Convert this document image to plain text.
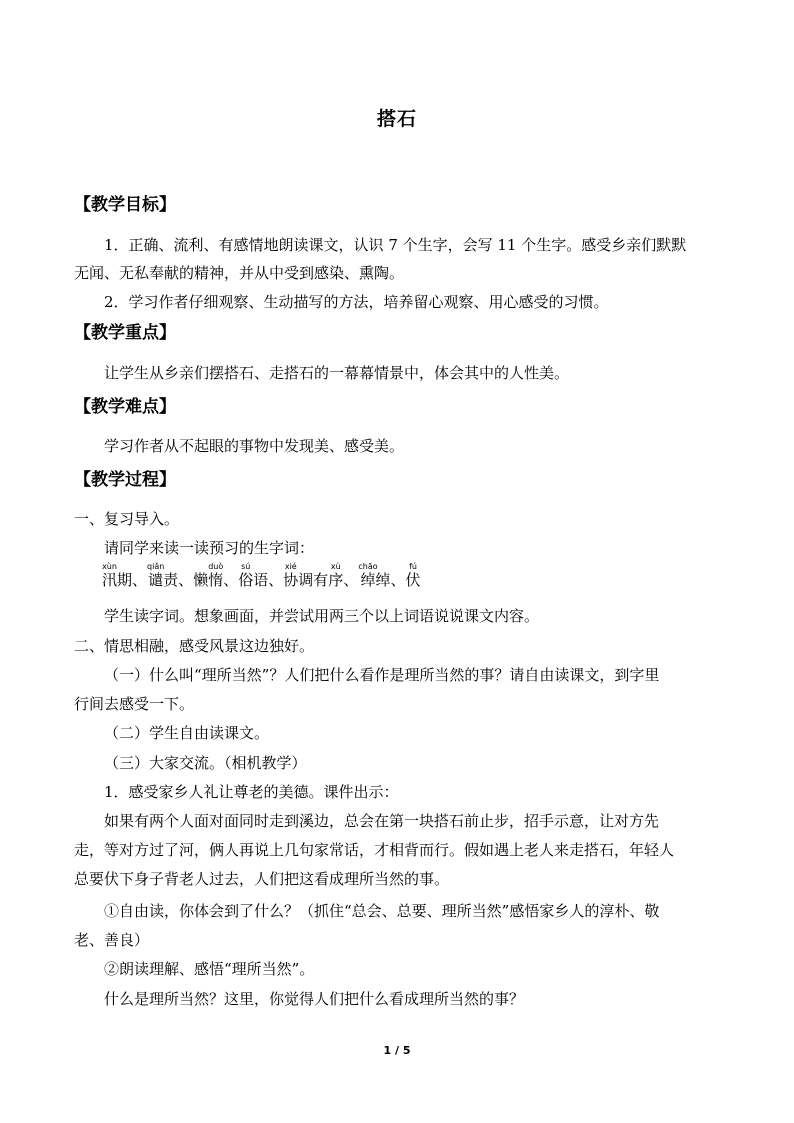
搭石
【教学目标】
1．正确、流利、有感情地朗读课文，认识 7 个生字，会写 11 个生字。感受乡亲们默默
无闻、无私奉献的精神，并从中受到感染、熏陶。
2．学习作者仔细观察、生动描写的方法，培养留心观察、用心感受的习惯。
【教学重点】
让学生从乡亲们摆搭石、走搭石的一幕幕情景中，体会其中的人性美。
【教学难点】
学习作者从不起眼的事物中发现美、感受美。
【教学过程】
一、复习导入。
请同学来读一读预习的生字词：
汛xùn期、谴qiǎn责、懒惰duò、俗sú语、协xié调有序xù、绰chāo绰、伏fú
学生读字词。想象画面，并尝试用两三个以上词语说说课文内容。
二、情思相融，感受风景这边独好。
（一）什么叫“理所当然”？人们把什么看作是理所当然的事？请自由读课文，到字里
行间去感受一下。
（二）学生自由读课文。
（三）大家交流。（相机教学）
1．感受家乡人礼让尊老的美德。课件出示：
如果有两个人面对面同时走到溪边，总会在第一块搭石前止步，招手示意，让对方先
走，等对方过了河，俩人再说上几句家常话，才相背而行。假如遇上老人来走搭石，年轻人
总要伏下身子背老人过去，人们把这看成理所当然的事。
①自由读，你体会到了什么？（抓住“总会、总要、理所当然”感悟家乡人的淳朴、敬
老、善良）
②朗读理解、感悟“理所当然”。
什么是理所当然？这里，你觉得人们把什么看成理所当然的事？
1 / 5
